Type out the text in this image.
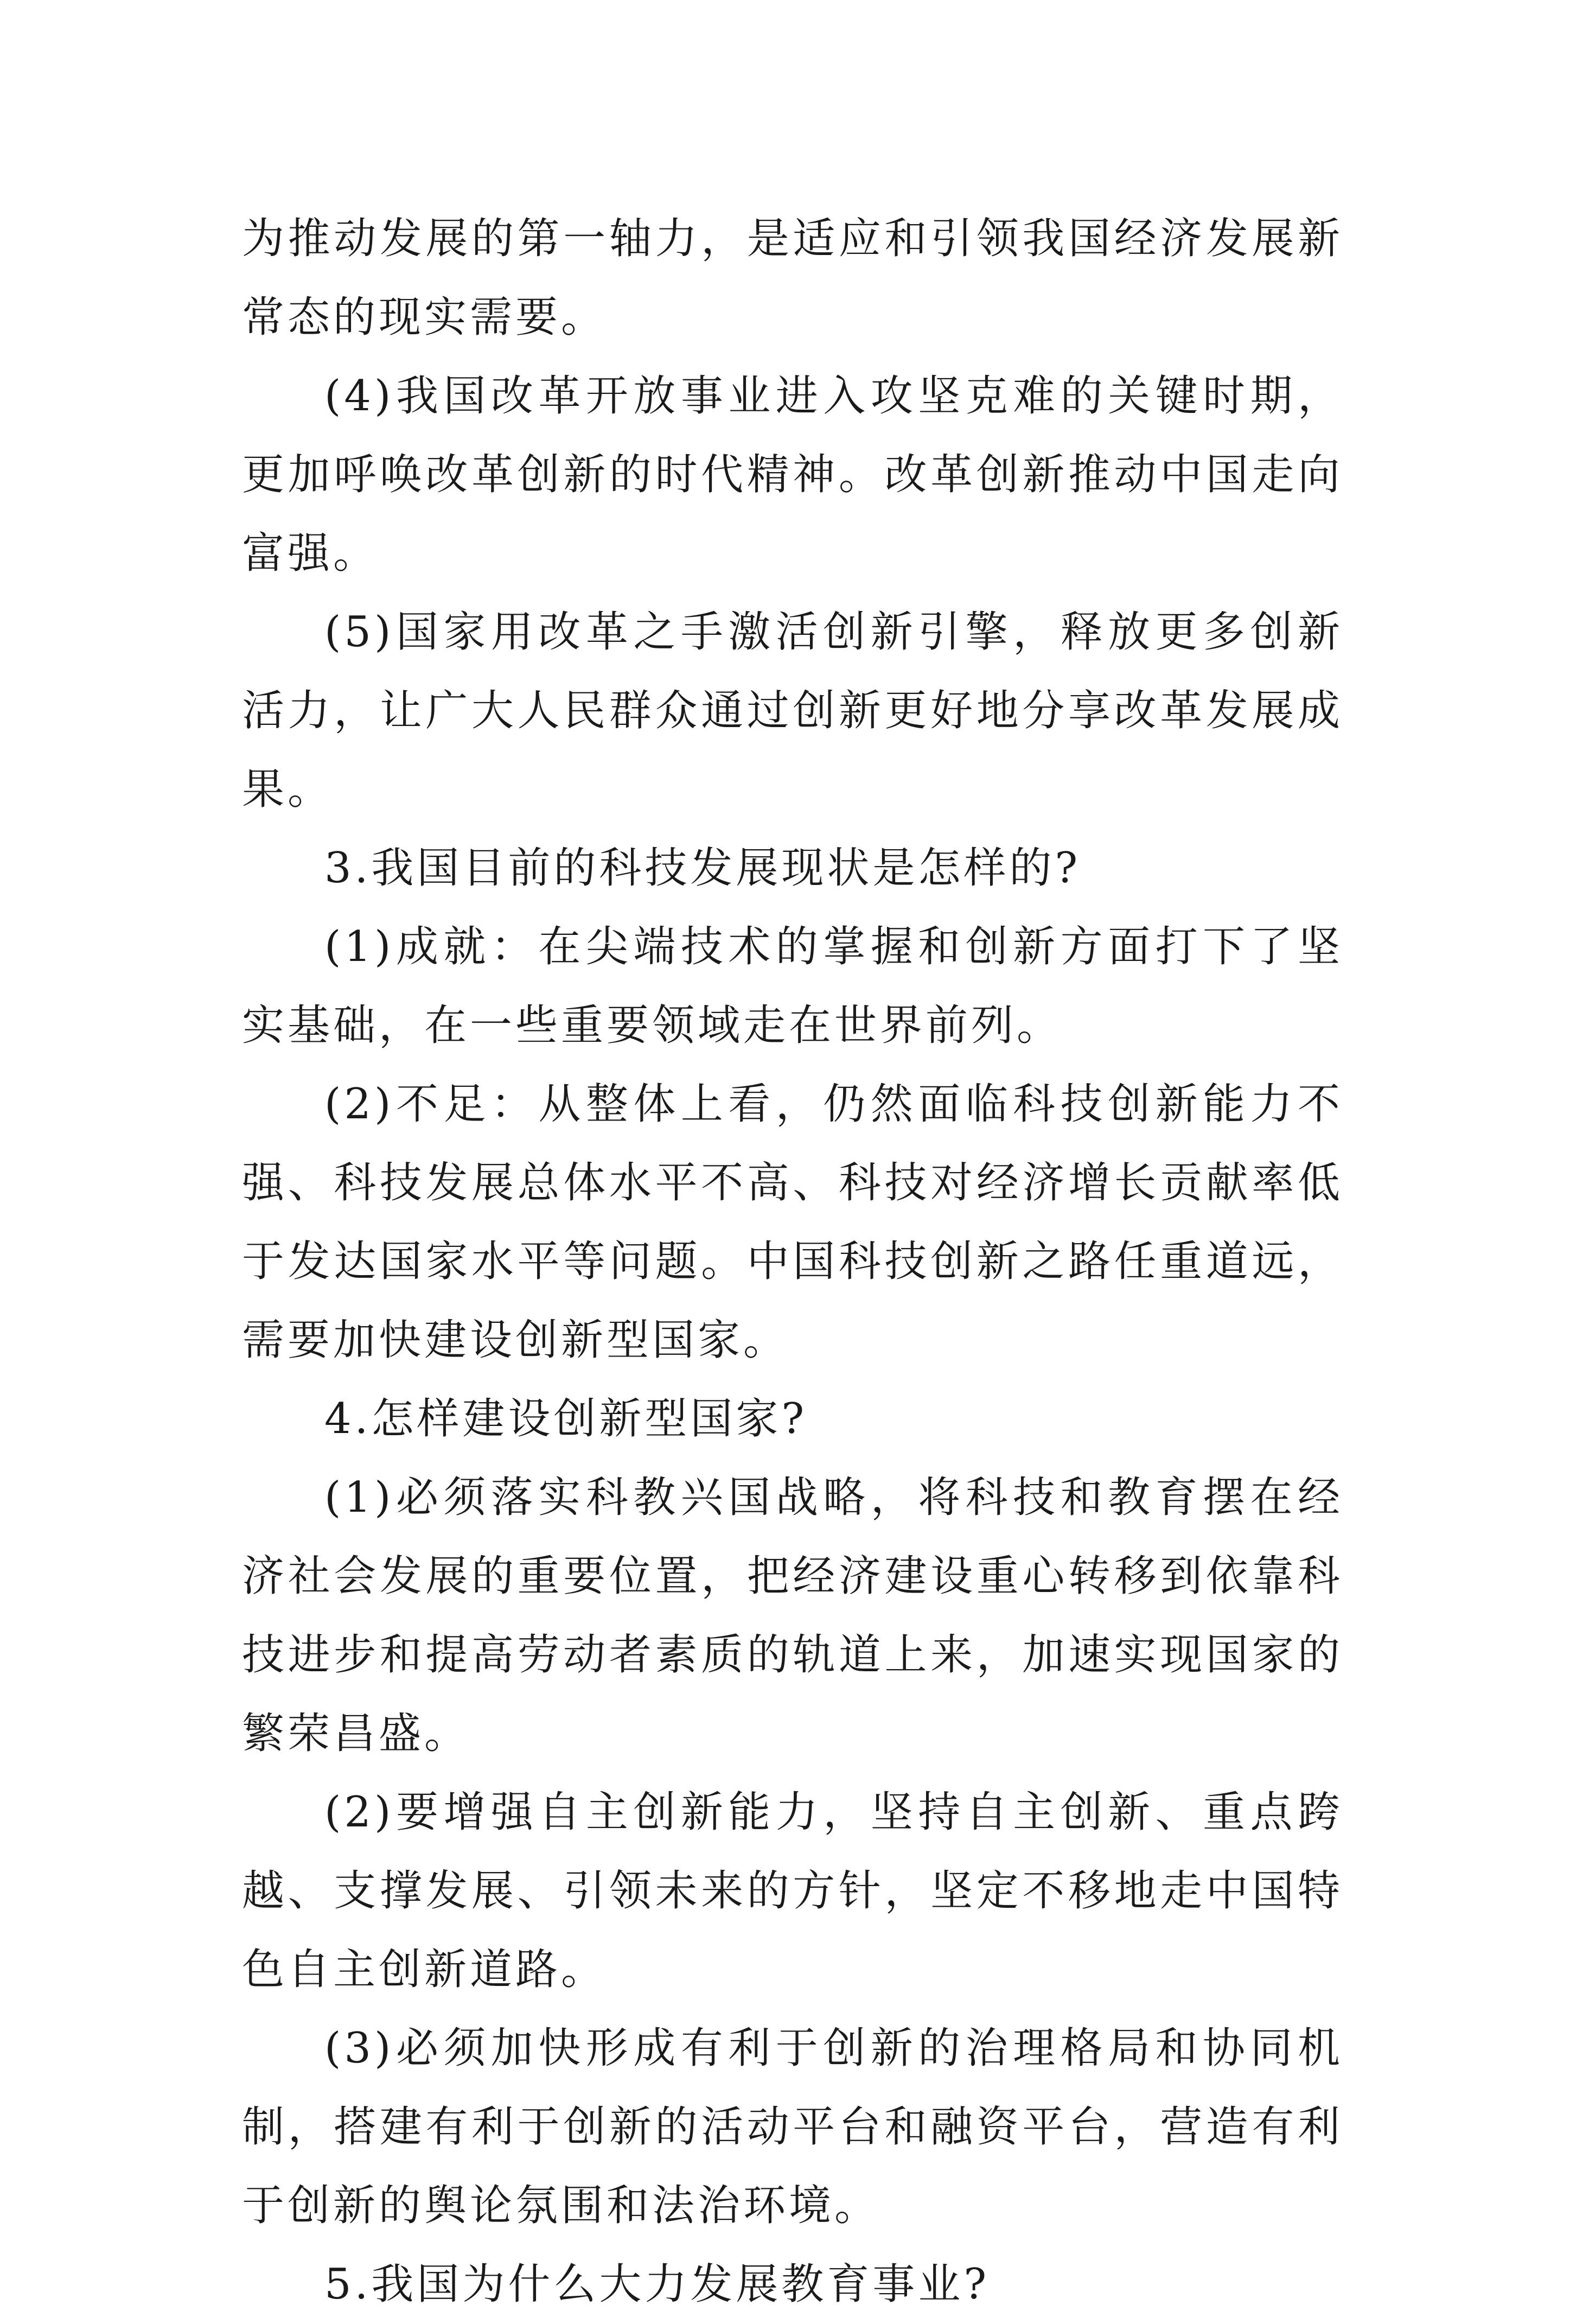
为推动发展的第一轴力，是适应和引领我国经济发展新常态的现实需要。

(4)我国改革开放事业进入攻坚克难的关键时期，更加呼唤改革创新的时代精神。改革创新推动中国走向富强。

(5)国家用改革之手激活创新引擎，释放更多创新活力，让广大人民群众通过创新更好地分享改革发展成果。

3.我国目前的科技发展现状是怎样的?

(1)成就：在尖端技术的掌握和创新方面打下了坚实基础，在一些重要领域走在世界前列。

(2)不足：从整体上看，仍然面临科技创新能力不强、科技发展总体水平不高、科技对经济增长贡献率低于发达国家水平等问题。中国科技创新之路任重道远，需要加快建设创新型国家。

4.怎样建设创新型国家?

(1)必须落实科教兴国战略，将科技和教育摆在经济社会发展的重要位置，把经济建设重心转移到依靠科技进步和提高劳动者素质的轨道上来，加速实现国家的繁荣昌盛。

(2)要增强自主创新能力，坚持自主创新、重点跨越、支撑发展、引领未来的方针，坚定不移地走中国特色自主创新道路。

(3)必须加快形成有利于创新的治理格局和协同机制，搭建有利于创新的活动平台和融资平台，营造有利于创新的舆论氛围和法治环境。

5.我国为什么大力发展教育事业?
